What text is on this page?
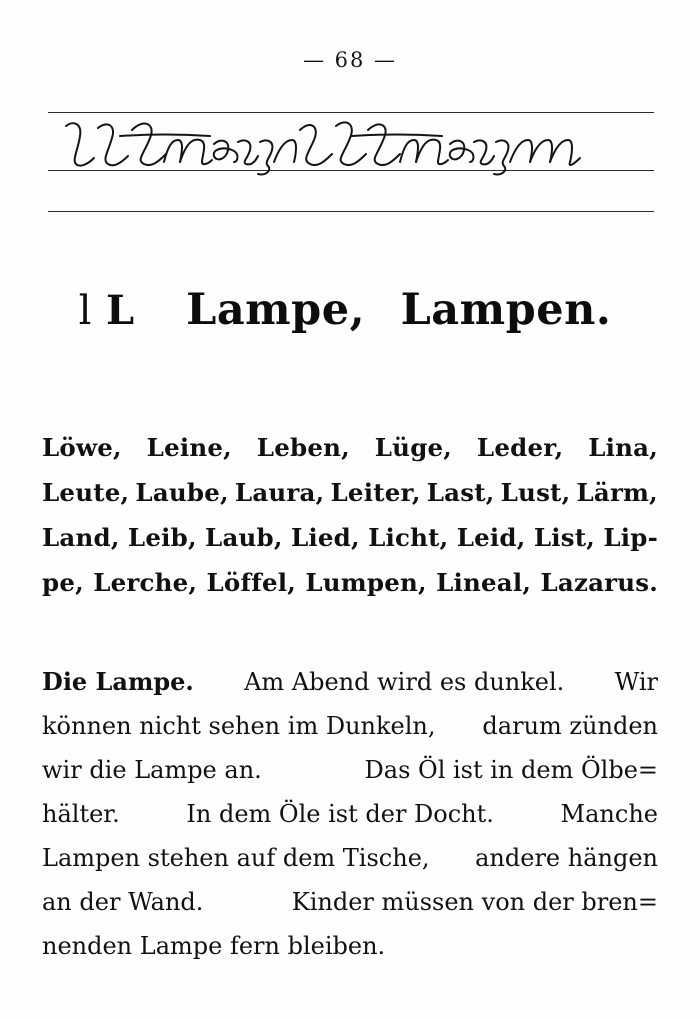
— 68 —
l L Lampe, Lampen.
Löwe, Leine, Leben, Lüge, Leder, Lina,
Leute, Laube, Laura, Leiter, Last, Lust, Lärm,
Land, Leib, Laub, Lied, Licht, Leid, List, Lip-
pe, Lerche, Löffel, Lumpen, Lineal, Lazarus.
Die Lampe. Am Abend wird es dunkel. Wir
können nicht sehen im Dunkeln, darum zünden
wir die Lampe an.	Das Öl ist in dem Ölbe=
hälter.	In dem Öle ist der Docht.	Manche
Lampen stehen auf dem Tische, andere hängen
an der Wand.	Kinder müssen von der bren=
nenden Lampe fern bleiben.
